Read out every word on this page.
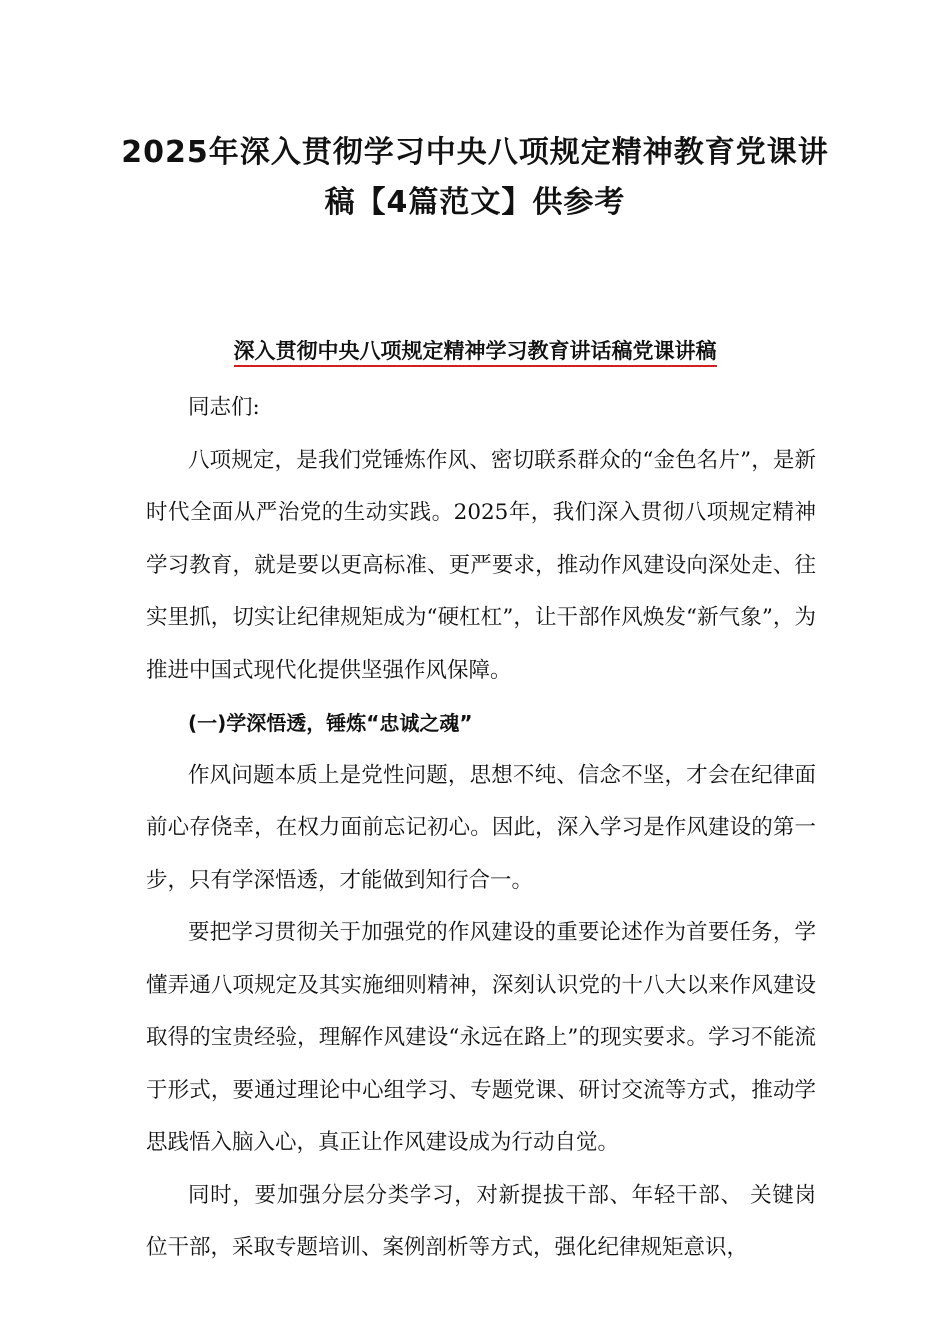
2025年深入贯彻学习中央八项规定精神教育党课讲
稿【4篇范文】供参考
深入贯彻中央八项规定精神学习教育讲话稿党课讲稿

同志们:

八项规定，是我们党锤炼作风、密切联系群众的“金色名片”，是新时代全面从严治党的生动实践。2025年，我们深入贯彻八项规定精神学习教育，就是要以更高标准、更严要求，推动作风建设向深处走、往实里抓，切实让纪律规矩成为“硬杠杠”，让干部作风焕发“新气象”，为推进中国式现代化提供坚强作风保障。

(一)学深悟透，锤炼“忠诚之魂”

作风问题本质上是党性问题，思想不纯、信念不坚，才会在纪律面前心存侥幸，在权力面前忘记初心。因此，深入学习是作风建设的第一步，只有学深悟透，才能做到知行合一。

要把学习贯彻关于加强党的作风建设的重要论述作为首要任务，学懂弄通八项规定及其实施细则精神，深刻认识党的十八大以来作风建设取得的宝贵经验，理解作风建设“永远在路上”的现实要求。学习不能流于形式，要通过理论中心组学习、专题党课、研讨交流等方式，推动学思践悟入脑入心，真正让作风建设成为行动自觉。

同时，要加强分层分类学习，对新提拔干部、年轻干部、 关键岗位干部，采取专题培训、案例剖析等方式，强化纪律规矩意识，
